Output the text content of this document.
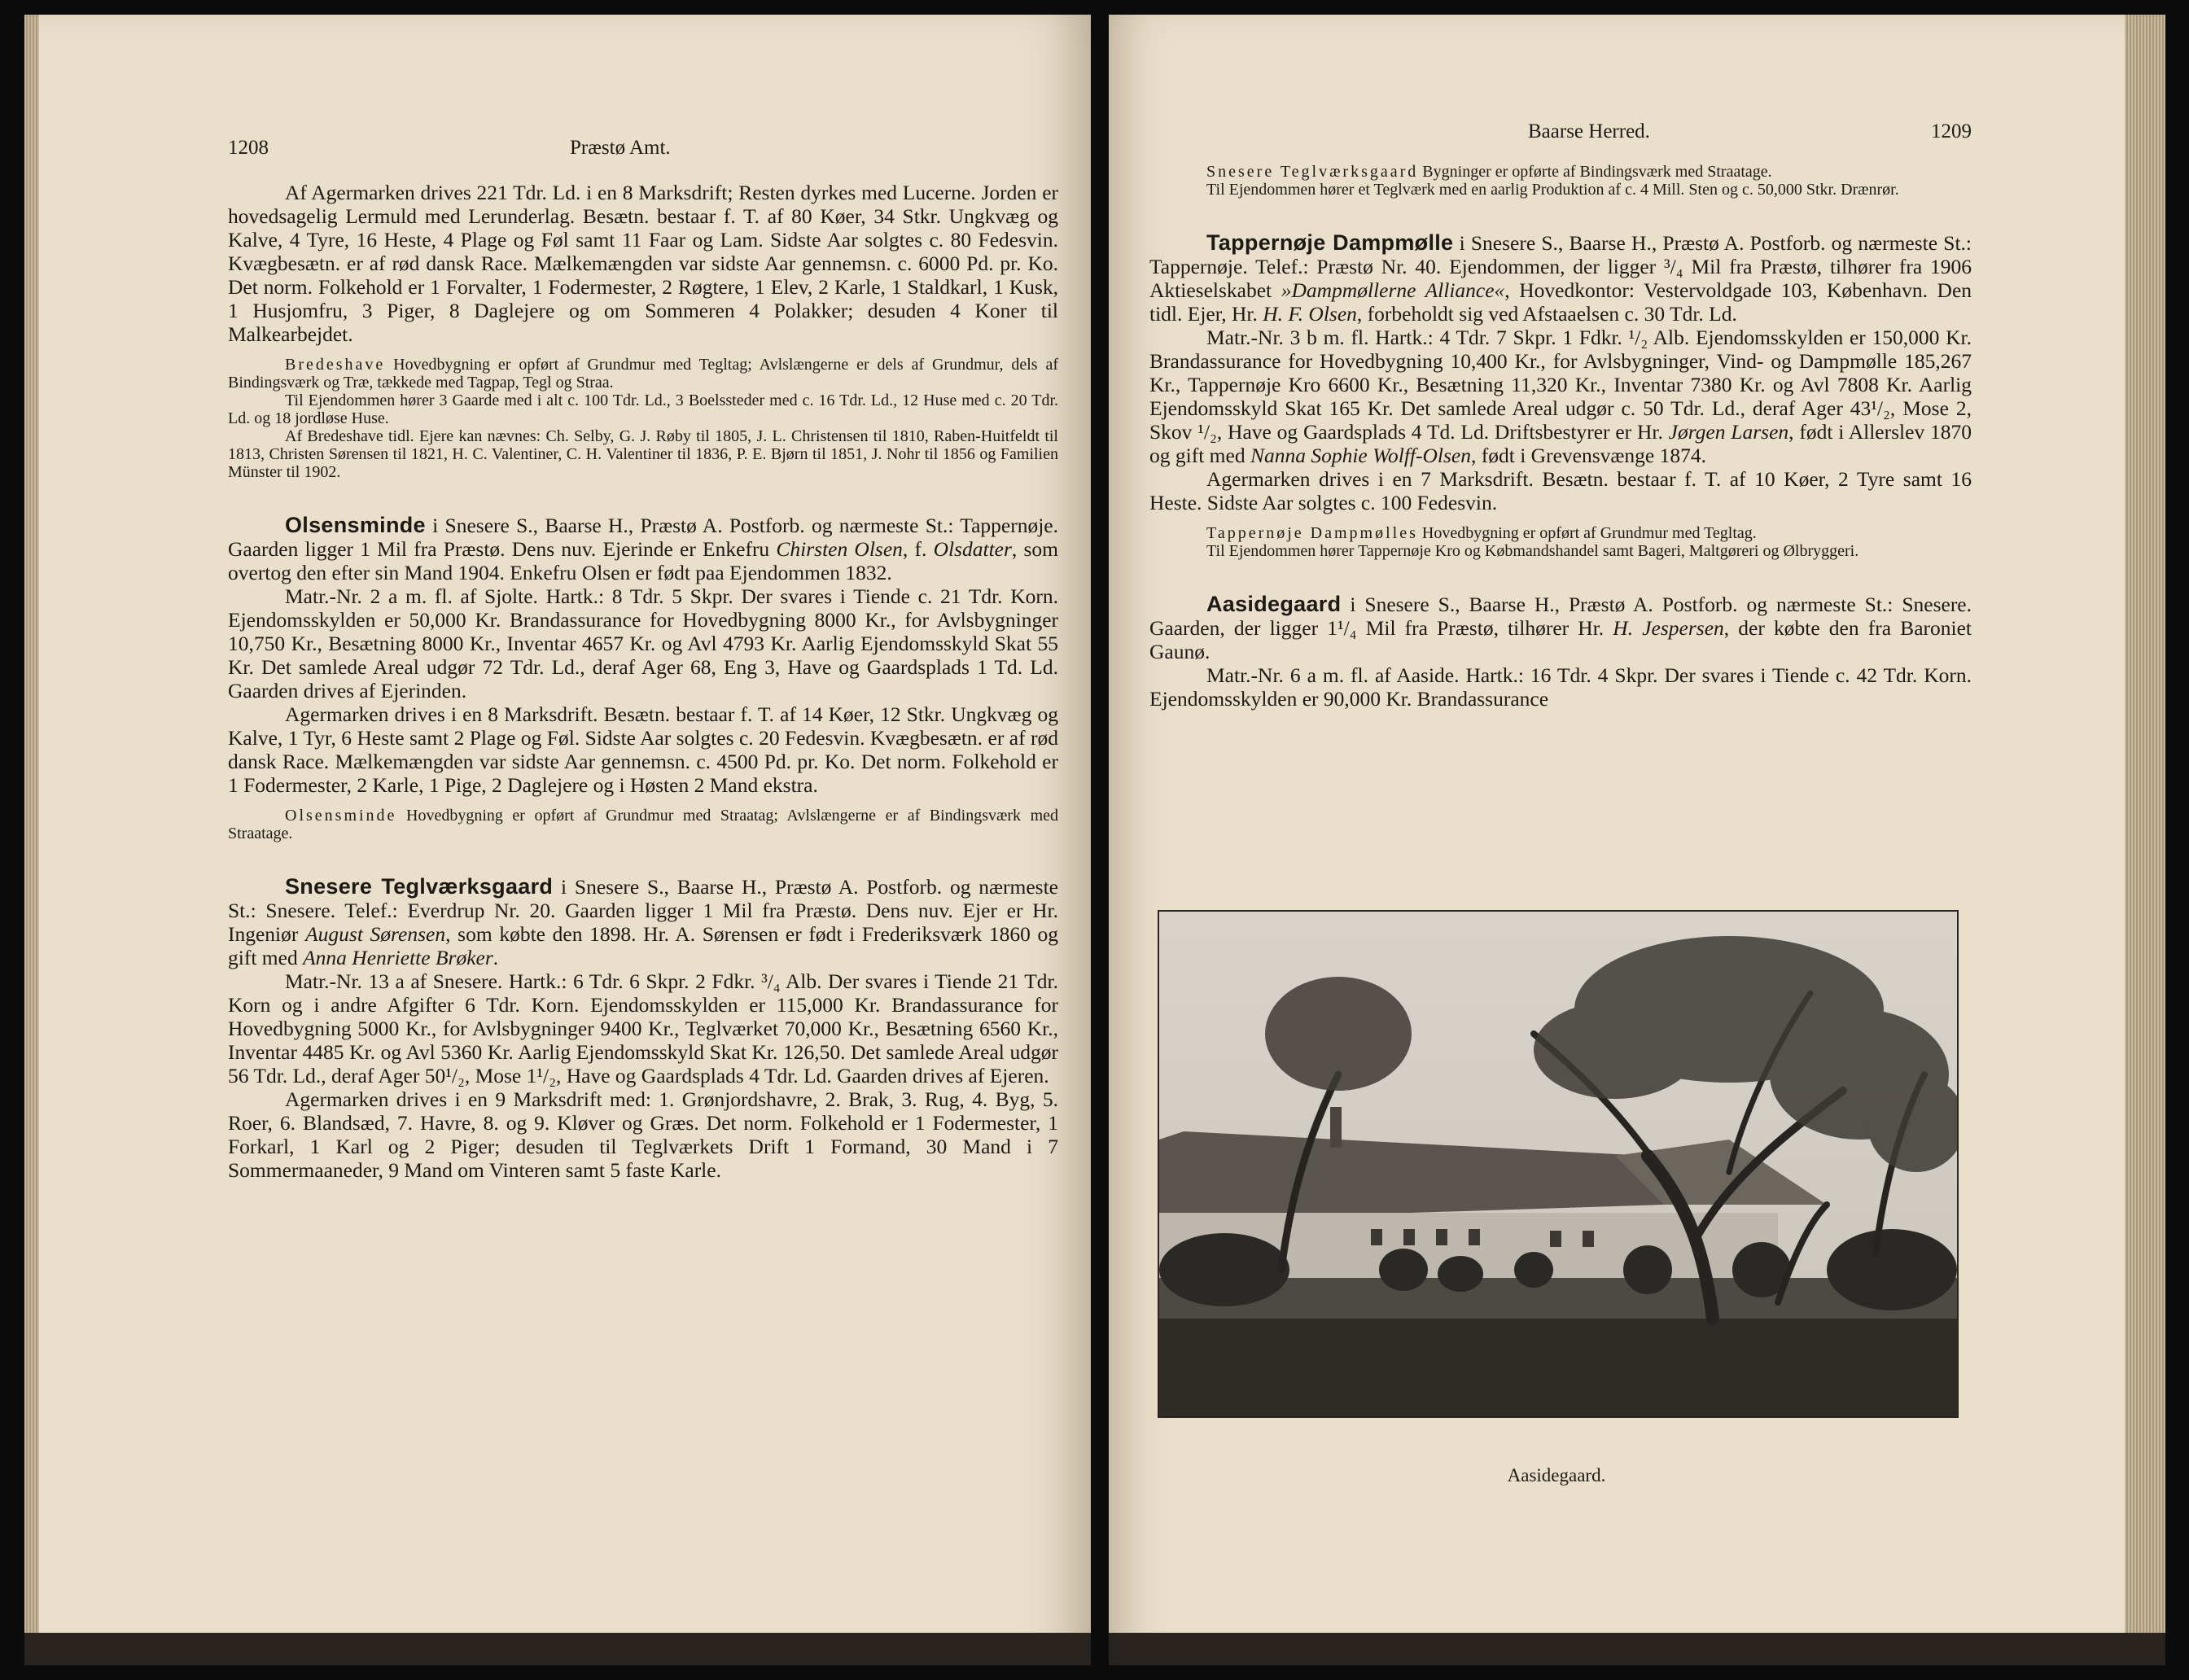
1208	Præstø Amt.

Af Agermarken drives 221 Tdr. Ld. i en 8 Marksdrift; Resten dyrkes med Lucerne. Jorden er hovedsagelig Lermuld med Lerunderlag. Besætn. bestaar f. T. af 80 Køer, 34 Stkr. Ungkvæg og Kalve, 4 Tyre, 16 Heste, 4 Plage og Føl samt 11 Faar og Lam. Sidste Aar solgtes c. 80 Fedesvin. Kvægbesætn. er af rød dansk Race. Mælkemængden var sidste Aar gennemsn. c. 6000 Pd. pr. Ko. Det norm. Folkehold er 1 Forvalter, 1 Fodermester, 2 Røgtere, 1 Elev, 2 Karle, 1 Staldkarl, 1 Kusk, 1 Husjomfru, 3 Piger, 8 Daglejere og om Sommeren 4 Polakker; desuden 4 Koner til Malkearbejdet.

Bredeshave Hovedbygning er opført af Grundmur med Tegltag; Avlslængerne er dels af Grundmur, dels af Bindingsværk og Træ, tækkede med Tagpap, Tegl og Straa.

Til Ejendommen hører 3 Gaarde med i alt c. 100 Tdr. Ld., 3 Boelssteder med c. 16 Tdr. Ld., 12 Huse med c. 20 Tdr. Ld. og 18 jordløse Huse.

Af Bredeshave tidl. Ejere kan nævnes: Ch. Selby, G. J. Røby til 1805, J. L. Christensen til 1810, Raben-Huitfeldt til 1813, Christen Sørensen til 1821, H. C. Valentiner, C. H. Valentiner til 1836, P. E. Bjørn til 1851, J. Nohr til 1856 og Familien Münster til 1902.

Olsensminde i Snesere S., Baarse H., Præstø A. Postforb. og nærmeste St.: Tappernøje. Gaarden ligger 1 Mil fra Præstø. Dens nuv. Ejerinde er Enkefru Chirsten Olsen, f. Olsdatter, som overtog den efter sin Mand 1904. Enkefru Olsen er født paa Ejendommen 1832.

Matr.-Nr. 2 a m. fl. af Sjolte. Hartk.: 8 Tdr. 5 Skpr. Der svares i Tiende c. 21 Tdr. Korn. Ejendomsskylden er 50,000 Kr. Brandassurance for Hovedbygning 8000 Kr., for Avlsbygninger 10,750 Kr., Besætning 8000 Kr., Inventar 4657 Kr. og Avl 4793 Kr. Aarlig Ejendomsskyld Skat 55 Kr. Det samlede Areal udgør 72 Tdr. Ld., deraf Ager 68, Eng 3, Have og Gaardsplads 1 Td. Ld. Gaarden drives af Ejerinden.

Agermarken drives i en 8 Marksdrift. Besætn. bestaar f. T. af 14 Køer, 12 Stkr. Ungkvæg og Kalve, 1 Tyr, 6 Heste samt 2 Plage og Føl. Sidste Aar solgtes c. 20 Fedesvin. Kvægbesætn. er af rød dansk Race. Mælkemængden var sidste Aar gennemsn. c. 4500 Pd. pr. Ko. Det norm. Folkehold er 1 Fodermester, 2 Karle, 1 Pige, 2 Daglejere og i Høsten 2 Mand ekstra.

Olsensminde Hovedbygning er opført af Grundmur med Straatag; Avlslængerne er af Bindingsværk med Straatage.

Snesere Teglværksgaard i Snesere S., Baarse H., Præstø A. Postforb. og nærmeste St.: Snesere. Telef.: Everdrup Nr. 20. Gaarden ligger 1 Mil fra Præstø. Dens nuv. Ejer er Hr. Ingeniør August Sørensen, som købte den 1898. Hr. A. Sørensen er født i Frederiksværk 1860 og gift med Anna Henriette Brøker.

Matr.-Nr. 13 a af Snesere. Hartk.: 6 Tdr. 6 Skpr. 2 Fdkr. ³/₄ Alb. Der svares i Tiende 21 Tdr. Korn og i andre Afgifter 6 Tdr. Korn. Ejendomsskylden er 115,000 Kr. Brandassurance for Hovedbygning 5000 Kr., for Avlsbygninger 9400 Kr., Teglværket 70,000 Kr., Besætning 6560 Kr., Inventar 4485 Kr. og Avl 5360 Kr. Aarlig Ejendomsskyld Skat Kr. 126,50. Det samlede Areal udgør 56 Tdr. Ld., deraf Ager 50¹/₂, Mose 1¹/₂, Have og Gaardsplads 4 Tdr. Ld. Gaarden drives af Ejeren.

Agermarken drives i en 9 Marksdrift med: 1. Grønjordshavre, 2. Brak, 3. Rug, 4. Byg, 5. Roer, 6. Blandsæd, 7. Havre, 8. og 9. Kløver og Græs. Det norm. Folkehold er 1 Fodermester, 1 Forkarl, 1 Karl og 2 Piger; desuden til Teglværkets Drift 1 Formand, 30 Mand i 7 Sommermaaneder, 9 Mand om Vinteren samt 5 faste Karle.

Baarse Herred.	1209

Snesere Teglværksgaard Bygninger er opførte af Bindingsværk med Straatage.

Til Ejendommen hører et Teglværk med en aarlig Produktion af c. 4 Mill. Sten og c. 50,000 Stkr. Drænrør.

Tappernøje Dampmølle i Snesere S., Baarse H., Præstø A. Postforb. og nærmeste St.: Tappernøje. Telef.: Præstø Nr. 40. Ejendommen, der ligger ³/₄ Mil fra Præstø, tilhører fra 1906 Aktieselskabet »Dampmøllerne Alliance«, Hovedkontor: Vestervoldgade 103, København. Den tidl. Ejer, Hr. H. F. Olsen, forbeholdt sig ved Afstaaelsen c. 30 Tdr. Ld.

Matr.-Nr. 3 b m. fl. Hartk.: 4 Tdr. 7 Skpr. 1 Fdkr. ¹/₂ Alb. Ejendomsskylden er 150,000 Kr. Brandassurance for Hovedbygning 10,400 Kr., for Avlsbygninger, Vind- og Dampmølle 185,267 Kr., Tappernøje Kro 6600 Kr., Besætning 11,320 Kr., Inventar 7380 Kr. og Avl 7808 Kr. Aarlig Ejendomsskyld Skat 165 Kr. Det samlede Areal udgør c. 50 Tdr. Ld., deraf Ager 43¹/₂, Mose 2, Skov ¹/₂, Have og Gaardsplads 4 Td. Ld. Driftsbestyrer er Hr. Jørgen Larsen, født i Allerslev 1870 og gift med Nanna Sophie Wolff-Olsen, født i Grevensvænge 1874.

Agermarken drives i en 7 Marksdrift. Besætn. bestaar f. T. af 10 Køer, 2 Tyre samt 16 Heste. Sidste Aar solgtes c. 100 Fedesvin.

Tappernøje Dampmølles Hovedbygning er opført af Grundmur med Tegltag.

Til Ejendommen hører Tappernøje Kro og Købmandshandel samt Bageri, Maltgøreri og Ølbryggeri.

Aasidegaard i Snesere S., Baarse H., Præstø A. Postforb. og nærmeste St.: Snesere. Gaarden, der ligger 1¹/₄ Mil fra Præstø, tilhører Hr. H. Jespersen, der købte den fra Baroniet Gaunø.

Matr.-Nr. 6 a m. fl. af Aaside. Hartk.: 16 Tdr. 4 Skpr. Der svares i Tiende c. 42 Tdr. Korn. Ejendomsskylden er 90,000 Kr. Brandassurance

Aasidegaard.
